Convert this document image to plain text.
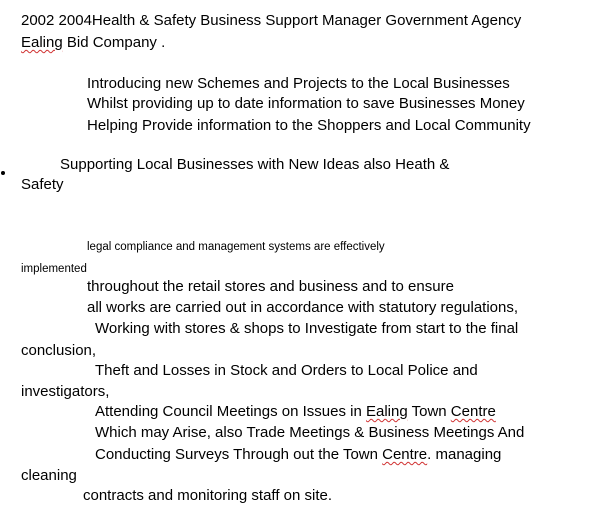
2002 2004Health & Safety Business Support Manager Government Agency
Ealing Bid Company .
Introducing new Schemes and Projects to the Local Businesses
Whilst providing up to date information to save Businesses Money
Helping Provide information to the Shoppers and Local Community
Supporting Local Businesses with New Ideas also Heath &
Safety
legal compliance and management systems are effectively
implemented
throughout the retail stores and business and to ensure
all works are carried out in accordance with statutory regulations,
Working with stores & shops to Investigate from start to the final
conclusion,
Theft and Losses in Stock and Orders to Local Police and
investigators,
Attending Council Meetings on Issues in Ealing Town Centre
Which may Arise, also Trade Meetings & Business Meetings And
Conducting Surveys Through out the Town Centre. managing
cleaning
contracts and monitoring staff on site.
